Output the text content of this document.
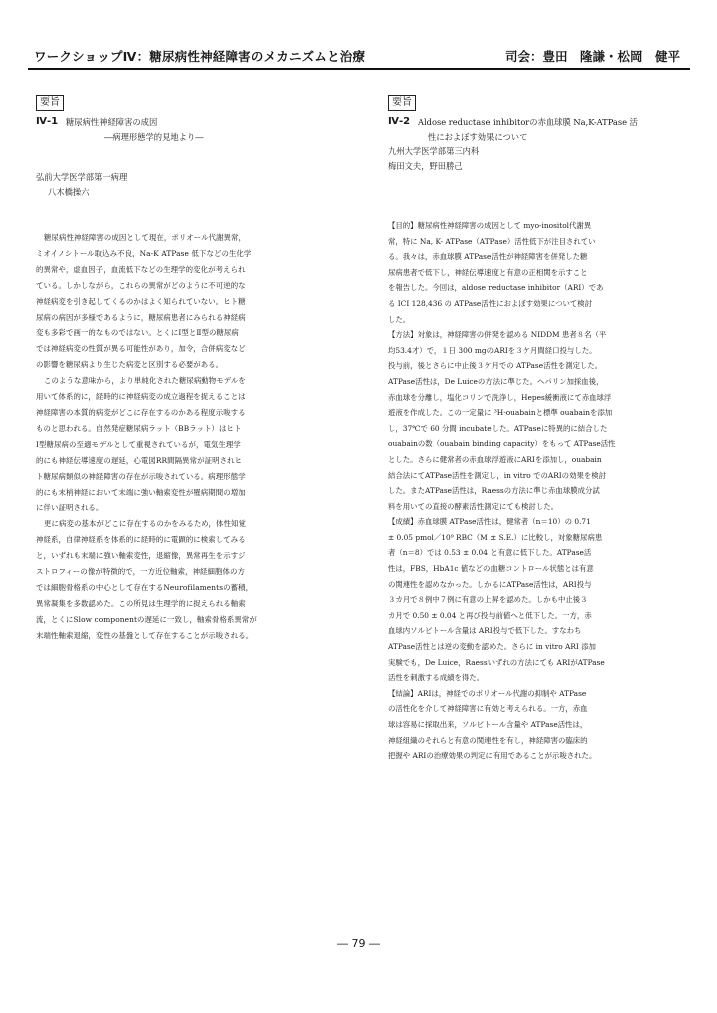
ワークショップⅣ：糖尿病性神経障害のメカニズムと治療	司会：豊田　隆謙・松岡　健平
要旨
Ⅳ-1 糖尿病性神経障害の成因
―病理形態学的見地より―
弘前大学医学部第一病理
八木橋操六
糖尿病性神経障害の成因として現在，ポリオール代謝異常，
ミオイノシトール取込み不良，Na-K ATPase 低下などの生化学
的異常や，虚血因子，血流低下などの生理学的変化が考えられ
ている。しかしながら，これらの異常がどのように不可逆的な
神経病変を引き起してくるのかはよく知られていない。ヒト糖
尿病の病因が多様であるように，糖尿病患者にみられる神経病
変も多彩で画一的なものではない。とくにⅠ型とⅡ型の糖尿病
では神経病変の性質が異る可能性があり，加令，合併病変など
の影響を糖尿病より生じた病変と区別する必要がある。
このような意味から，より単純化された糖尿病動物モデルを
用いて体系的に，経時的に神経病変の成立過程を捉えることは
神経障害の本質的病変がどこに存在するのかある程度示唆する
ものと思われる。自然発症糖尿病ラット（BBラット）はヒト
Ⅰ型糖尿病の至適モデルとして重視されているが，電気生理学
的にも神経伝導速度の遅延，心電図RR間隔異常が証明されヒ
ト糖尿病類似の神経障害の存在が示唆されている。病理形態学
的にも末梢神経において末端に強い軸索変性が罹病期間の増加
に伴い証明される。
更に病変の基本がどこに存在するのかをみるため，体性知覚
神経系，自律神経系を体系的に経時的に電顕的に検索してみる
と，いずれも末端に強い軸索変性，退縮像，異常再生を示すジ
ストロフィーの像が特徴的で，一方近位軸索，神経細胞体の方
では細胞骨格系の中心として存在するNeurofilamentsの蓄積，
異常凝集を多数認めた。この所見は生理学的に捉えられる軸索
流，とくにSlow componentの遅延に一致し，軸索骨格系異常が
末端性軸索退縮，変性の基盤として存在することが示唆される。
要旨
Ⅳ-2 Aldose reductase inhibitorの赤血球膜 Na,K-ATPase 活
性におよぼす効果について
九州大学医学部第三内科
梅田文夫，野田勝己
【目的】糖尿病性神経障害の成因として myo-inositol代謝異
常，特に Na, K- ATPase（ATPase）活性低下が注目されてい
る。我々は，赤血球膜 ATPase活性が神経障害を併発した糖
尿病患者で低下し，神経伝導速度と有意の正相関を示すこと
を報告した。今回は，aldose reductase inhibitor（ARI）であ
る ICI 128,436 の ATPase活性におよぼす効果について検討
した。
【方法】対象は，神経障害の併発を認める NIDDM 患者８名（平
均53.4才）で，１日 300 mgのARIを３ケ月間経口投与した。
投与前，後とさらに中止後３ケ月での ATPase活性を測定した。
ATPase活性は，De Luiceの方法に準じた。ヘパリン加採血後，
赤血球を分離し，塩化コリンで洗浄し，Hepes緩衝液にて赤血球浮
遊液を作成した。この一定量に ³H-ouabainと標準 ouabainを添加
し，37℃で 60 分間 incubateした。ATPaseに特異的に結合した
ouabainの数（ouabain binding capacity）をもって ATPase活性
とした。さらに健常者の赤血球浮遊液にARIを添加し，ouabain
結合法にてATPase活性を測定し，in vitro でのARIの効果を検討
した。またATPase活性は，Raessの方法に準じ赤血球膜成分試
料を用いての直接の酵素活性測定にても検討した。
【成績】赤血球膜 ATPase活性は，健常者（n＝10）の 0.71
± 0.05 pmol／10⁹ RBC（M ± S.E.）に比較し，対象糖尿病患
者（n＝8）では 0.53 ± 0.04 と有意に低下した。ATPase活
性は，FBS，HbA1c 値などの血糖コントロール状態とは有意
の関連性を認めなかった。しかるにATPase活性は，ARI投与
３カ月で８例中７例に有意の上昇を認めた。しかも中止後３
カ月で 0.50 ± 0.04 と再び投与前値へと低下した。一方，赤
血球内ソルビトール含量は ARI投与で低下した。すなわち
ATPase活性とは逆の変動を認めた。さらに in vitro ARI 添加
実験でも，De Luice，Raessいずれの方法にても ARIがATPase
活性を刺激する成績を得た。
【結論】ARIは，神経でのポリオール代謝の抑制や ATPase
の活性化を介して神経障害に有効と考えられる。一方，赤血
球は容易に採取出来，ソルビトール含量や ATPase活性は，
神経組織のそれらと有意の関連性を有し，神経障害の臨床的
把握や ARIの治療効果の判定に有用であることが示唆された。
― 79 ―
